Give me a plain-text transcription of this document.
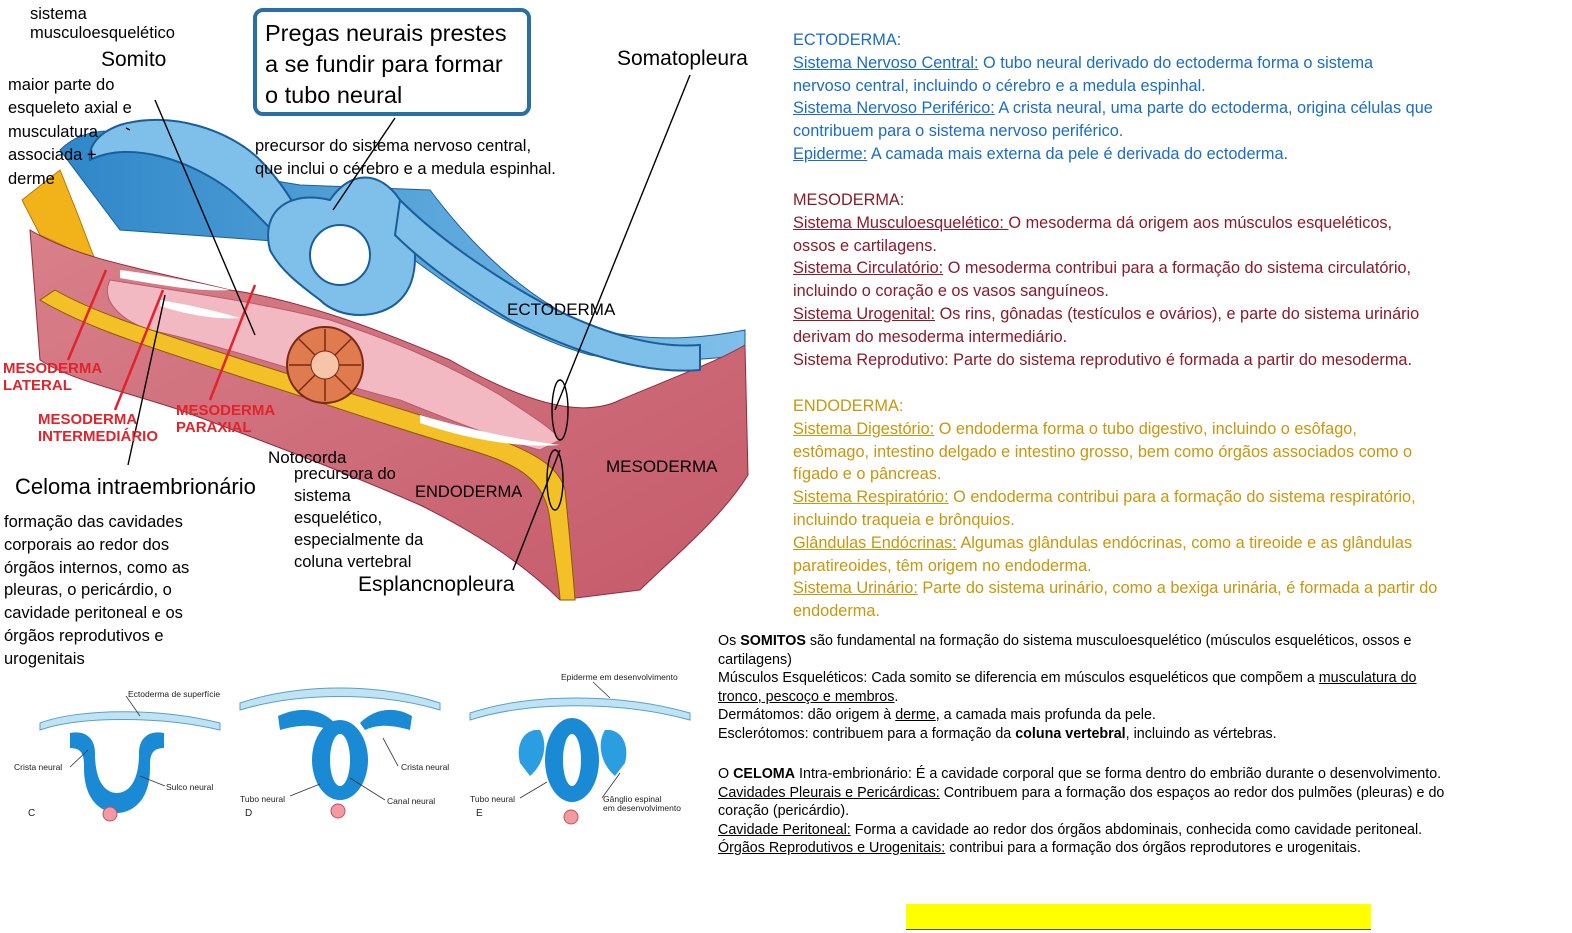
Pregas neurais prestes
a se fundir para formar
o tubo neural
sistema
musculoesquelético
Somito
maior parte do
esqueleto axial e
musculatura
associada +
derme
precursor do sistema nervoso central,
que inclui o cérebro e a medula espinhal.
Somatopleura
ECTODERMA
MESODERMA
ENDODERMA
MESODERMA
LATERAL
MESODERMA
INTERMEDIÁRIO
MESODERMA
PARAXIAL
Notocorda
precursora do
sistema
esquelético,
especialmente da
coluna vertebral
Celoma intraembrionário
formação das cavidades
corporais ao redor dos
órgãos internos, como as
pleuras, o pericárdio, o
cavidade peritoneal e os
órgãos reprodutivos e
urogenitais
Esplancnopleura
Ectoderma de superfície
Crista neural
Sulco neural
C
Crista neural
Tubo neural	Canal neural
D
Epiderme em desenvolvimento
Tubo neural	Gânglio espinal
em desenvolvimento
E

ECTODERMA:

Sistema Nervoso Central: O tubo neural derivado do ectoderma forma o sistema

nervoso central, incluindo o cérebro e a medula espinhal.

Sistema Nervoso Periférico: A crista neural, uma parte do ectoderma, origina células que

contribuem para o sistema nervoso periférico.

Epiderme: A camada mais externa da pele é derivada do ectoderma.

MESODERMA:

Sistema Musculoesquelético: O mesoderma dá origem aos músculos esqueléticos,

ossos e cartilagens.

Sistema Circulatório: O mesoderma contribui para a formação do sistema circulatório,

incluindo o coração e os vasos sanguíneos.

Sistema Urogenital: Os rins, gônadas (testículos e ovários), e parte do sistema urinário

derivam do mesoderma intermediário.

Sistema Reprodutivo: Parte do sistema reprodutivo é formada a partir do mesoderma.

ENDODERMA:

Sistema Digestório: O endoderma forma o tubo digestivo, incluindo o esôfago,

estômago, intestino delgado e intestino grosso, bem como órgãos associados como o

fígado e o pâncreas.

Sistema Respiratório: O endoderma contribui para a formação do sistema respiratório,

incluindo traqueia e brônquios.

Glândulas Endócrinas: Algumas glândulas endócrinas, como a tireoide e as glândulas

paratireoides, têm origem no endoderma.

Sistema Urinário: Parte do sistema urinário, como a bexiga urinária, é formada a partir do

endoderma.

Os SOMITOS são fundamental na formação do sistema musculoesquelético (músculos esqueléticos, ossos e

cartilagens)

Músculos Esqueléticos: Cada somito se diferencia em músculos esqueléticos que compõem a musculatura do

tronco, pescoço e membros.

Dermátomos: dão origem à derme, a camada mais profunda da pele.

Esclerótomos: contribuem para a formação da coluna vertebral, incluindo as vértebras.

O CELOMA Intra-embrionário: É a cavidade corporal que se forma dentro do embrião durante o desenvolvimento.

Cavidades Pleurais e Pericárdicas: Contribuem para a formação dos espaços ao redor dos pulmões (pleuras) e do

coração (pericárdio).

Cavidade Peritoneal: Forma a cavidade ao redor dos órgãos abdominais, conhecida como cavidade peritoneal.

Órgãos Reprodutivos e Urogenitais: contribui para a formação dos órgãos reprodutores e urogenitais.
